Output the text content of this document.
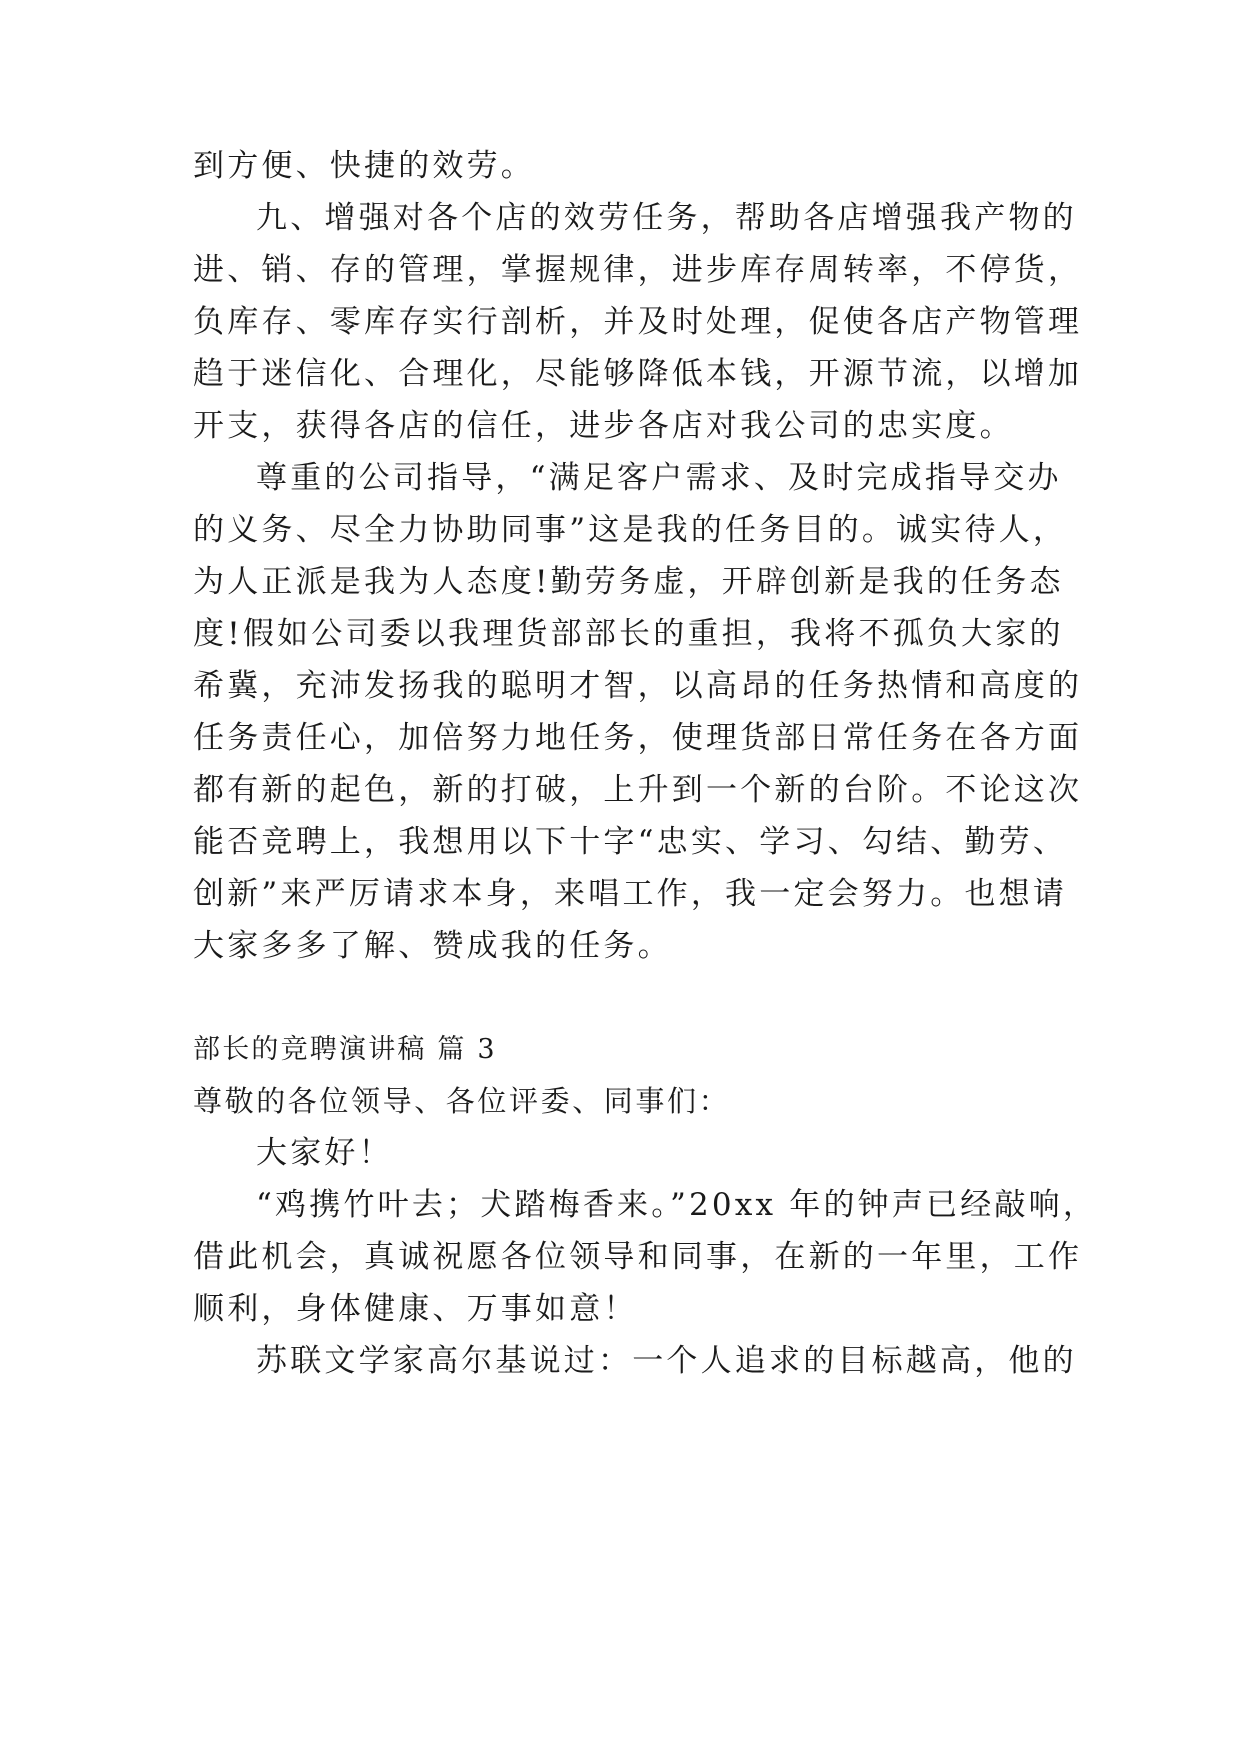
到方便、快捷的效劳。
九、增强对各个店的效劳任务，帮助各店增强我产物的
进、销、存的管理，掌握规律，进步库存周转率，不停货，
负库存、零库存实行剖析，并及时处理，促使各店产物管理
趋于迷信化、合理化，尽能够降低本钱，开源节流，以增加
开支，获得各店的信任，进步各店对我公司的忠实度。
尊重的公司指导，“满足客户需求、及时完成指导交办
的义务、尽全力协助同事”这是我的任务目的。诚实待人，
为人正派是我为人态度!勤劳务虚，开辟创新是我的任务态
度!假如公司委以我理货部部长的重担，我将不孤负大家的
希冀，充沛发扬我的聪明才智，以高昂的任务热情和高度的
任务责任心，加倍努力地任务，使理货部日常任务在各方面
都有新的起色，新的打破，上升到一个新的台阶。不论这次
能否竞聘上，我想用以下十字“忠实、学习、勾结、勤劳、
创新”来严厉请求本身，来唱工作，我一定会努力。也想请
大家多多了解、赞成我的任务。
部长的竞聘演讲稿 篇 3
尊敬的各位领导、各位评委、同事们：
大家好！
“鸡携竹叶去；犬踏梅香来。”20xx 年的钟声已经敲响，
借此机会，真诚祝愿各位领导和同事，在新的一年里，工作
顺利，身体健康、万事如意！
苏联文学家高尔基说过：一个人追求的目标越高，他的
